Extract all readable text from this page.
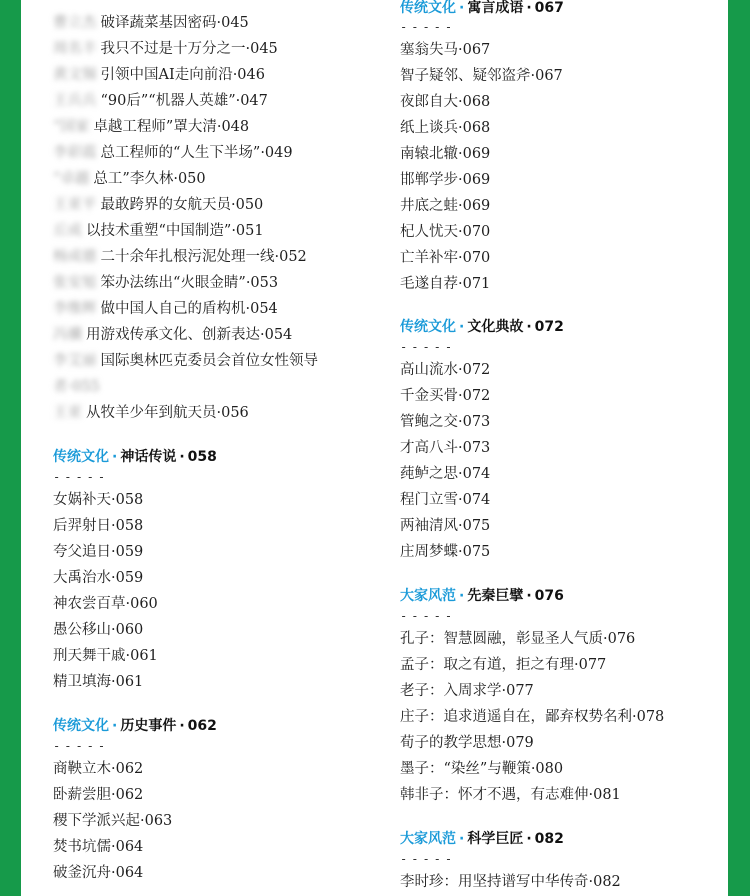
曹立杰 破译蔬菜基因密码·045
周名丰 我只不过是十万分之一·045
黄文锡 引领中国AI走向前沿·046
王兵兵 “90后”“机器人英雄”·047
“国家 卓越工程师”罩大清·048
李彩霞 总工程师的“人生下半场”·049
“卓越 总工”李久林·050
王亚平 最敢跨界的女航天员·050
丘成 以技术重塑“中国制造”·051
杨成德 二十余年扎根污泥处理一线·052
张安旭 笨办法练出“火眼金睛”·053
李维辉 做中国人自己的盾构机·054
冯骥 用游戏传承文化、创新表达·054
李艾丽 国际奥林匹克委员会首位女性领导
者·055
王亚 从牧羊少年到航天员·056
传统文化 · 神话传说 · 058
-----
女娲补天·058
后羿射日·058
夸父追日·059
大禹治水·059
神农尝百草·060
愚公移山·060
刑天舞干戚·061
精卫填海·061
传统文化 · 历史事件 · 062
-----
商鞅立木·062
卧薪尝胆·062
稷下学派兴起·063
焚书坑儒·064
破釜沉舟·064
传统文化 · 寓言成语 · 067
-----
塞翁失马·067
智子疑邻、疑邻盗斧·067
夜郎自大·068
纸上谈兵·068
南辕北辙·069
邯郸学步·069
井底之蛙·069
杞人忧天·070
亡羊补牢·070
毛遂自荐·071
传统文化 · 文化典故 · 072
-----
高山流水·072
千金买骨·072
管鲍之交·073
才高八斗·073
莼鲈之思·074
程门立雪·074
两袖清风·075
庄周梦蝶·075
大家风范 · 先秦巨擘 · 076
-----
孔子：智慧圆融，彰显圣人气质·076
孟子：取之有道，拒之有理·077
老子：入周求学·077
庄子：追求逍遥自在，鄙弃权势名利·078
荀子的教学思想·079
墨子：“染丝”与鞭策·080
韩非子：怀才不遇，有志难伸·081
大家风范 · 科学巨匠 · 082
-----
李时珍：用坚持谱写中华传奇·082
